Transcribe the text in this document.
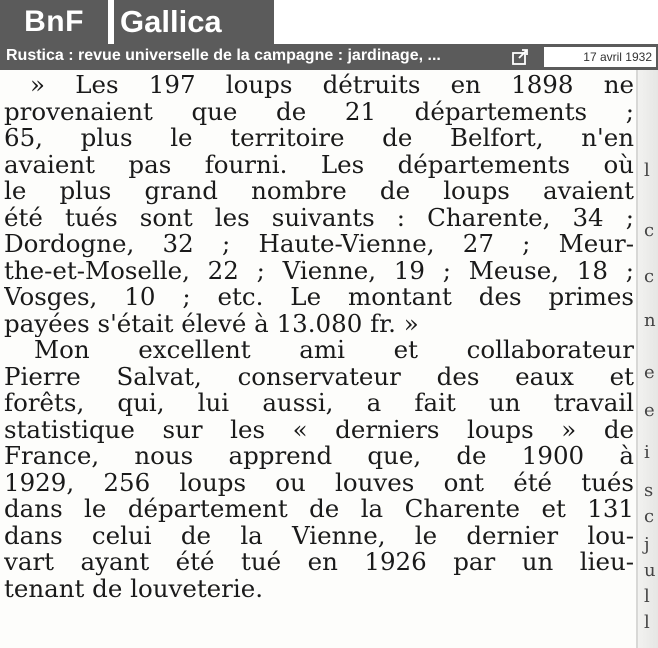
BnF Gallica
Rustica : revue universelle de la campagne : jardinage, ...	17 avril 1932
» Les 197 loups détruits en 1898 ne
provenaient que de 21 départements ;
65, plus le territoire de Belfort, n'en
avaient pas fourni. Les départements où
le plus grand nombre de loups avaient
été tués sont les suivants : Charente, 34 ;
Dordogne, 32 ; Haute-Vienne, 27 ; Meur-
the-et-Moselle, 22 ; Vienne, 19 ; Meuse, 18 ;
Vosges, 10 ; etc. Le montant des primes
payées s'était élevé à 13.080 fr. »
Mon excellent ami et collaborateur
Pierre Salvat, conservateur des eaux et
forêts, qui, lui aussi, a fait un travail
statistique sur les « derniers loups » de
France, nous apprend que, de 1900 à
1929, 256 loups ou louves ont été tués
dans le département de la Charente et 131
dans celui de la Vienne, le dernier lou-
vart ayant été tué en 1926 par un lieu-
tenant de louveterie.
l
c
c
n
e
e
i
s
c
j
u
l
l
